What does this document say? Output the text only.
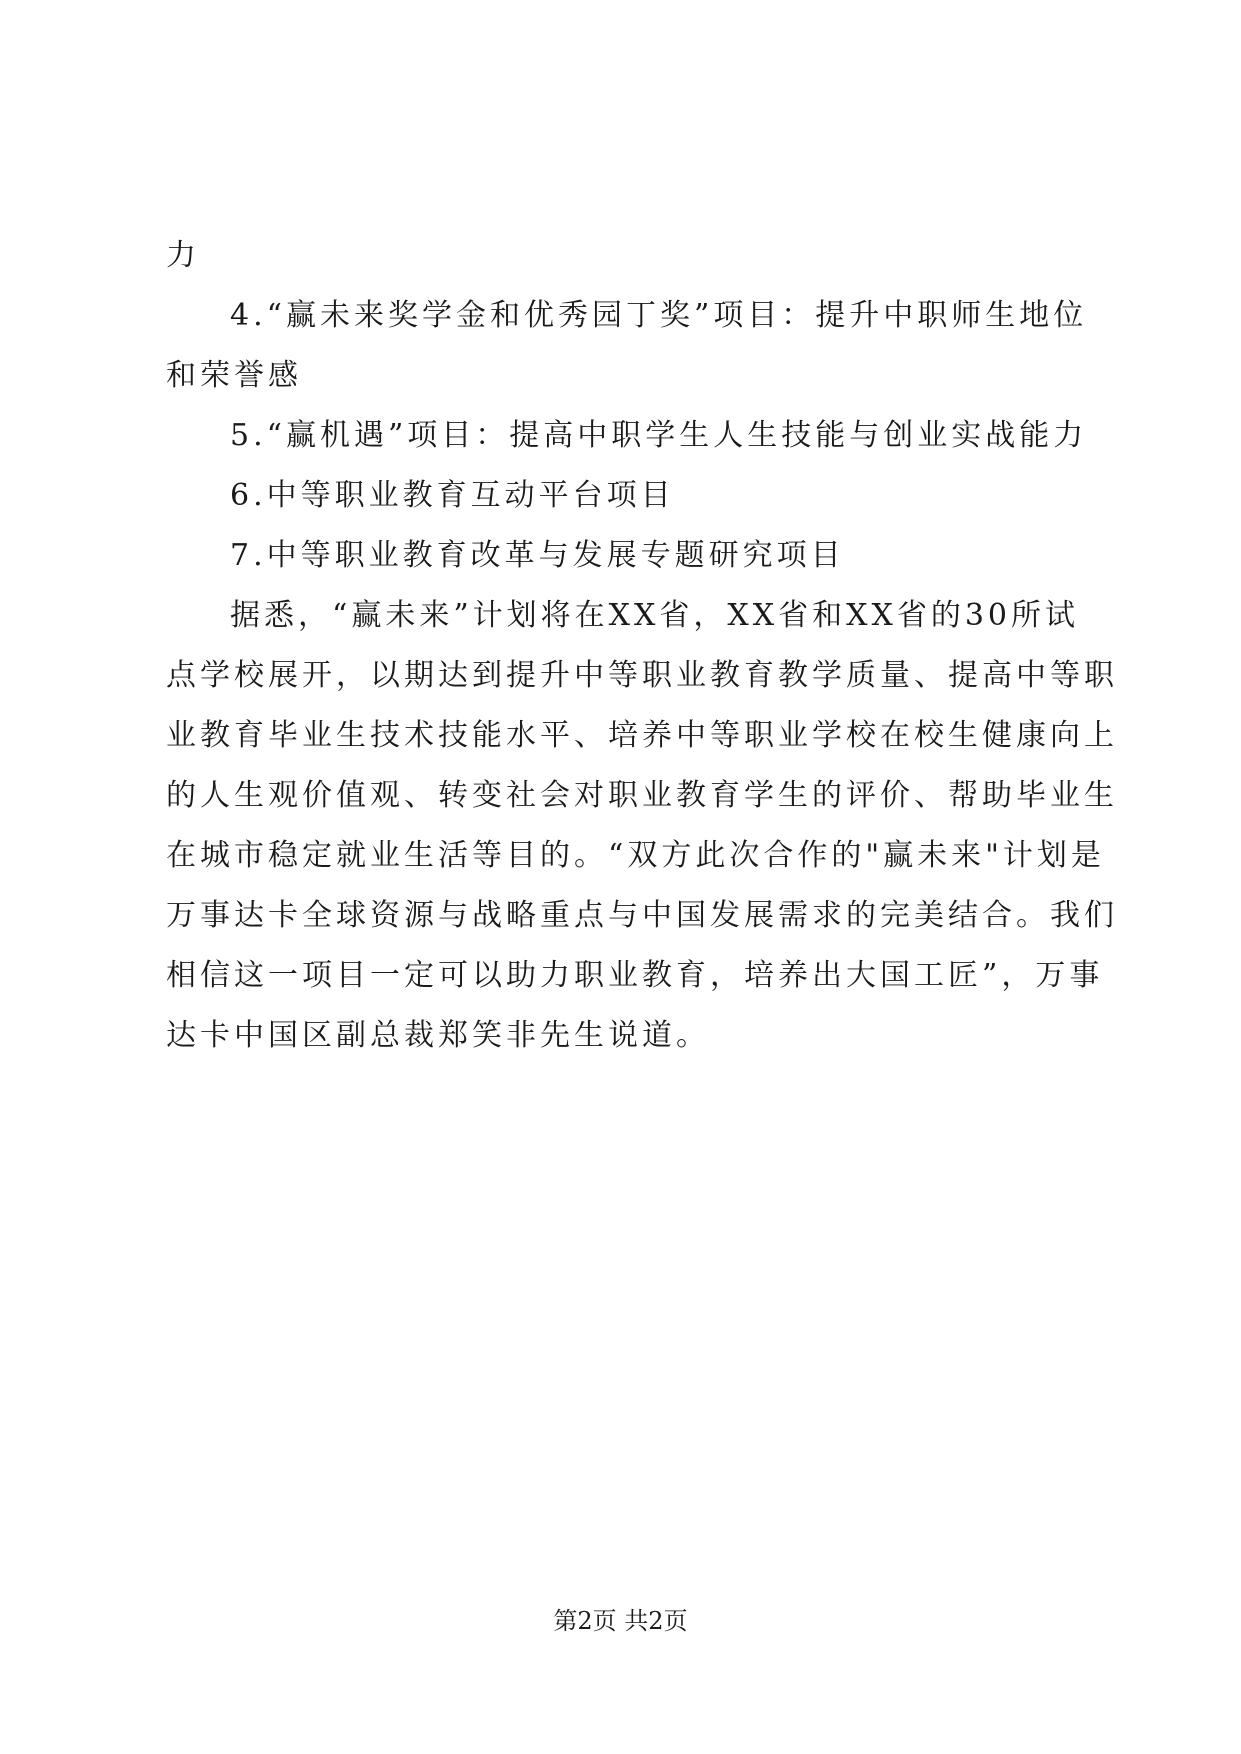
力
4.“赢未来奖学金和优秀园丁奖”项目：提升中职师生地位
和荣誉感
5.“赢机遇”项目：提高中职学生人生技能与创业实战能力
6.中等职业教育互动平台项目
7.中等职业教育改革与发展专题研究项目
据悉，“赢未来”计划将在XX省，XX省和XX省的30所试
点学校展开，以期达到提升中等职业教育教学质量、提高中等职
业教育毕业生技术技能水平、培养中等职业学校在校生健康向上
的人生观价值观、转变社会对职业教育学生的评价、帮助毕业生
在城市稳定就业生活等目的。“双方此次合作的"赢未来"计划是
万事达卡全球资源与战略重点与中国发展需求的完美结合。我们
相信这一项目一定可以助力职业教育，培养出大国工匠”，万事
达卡中国区副总裁郑笑非先生说道。
第2页 共2页
